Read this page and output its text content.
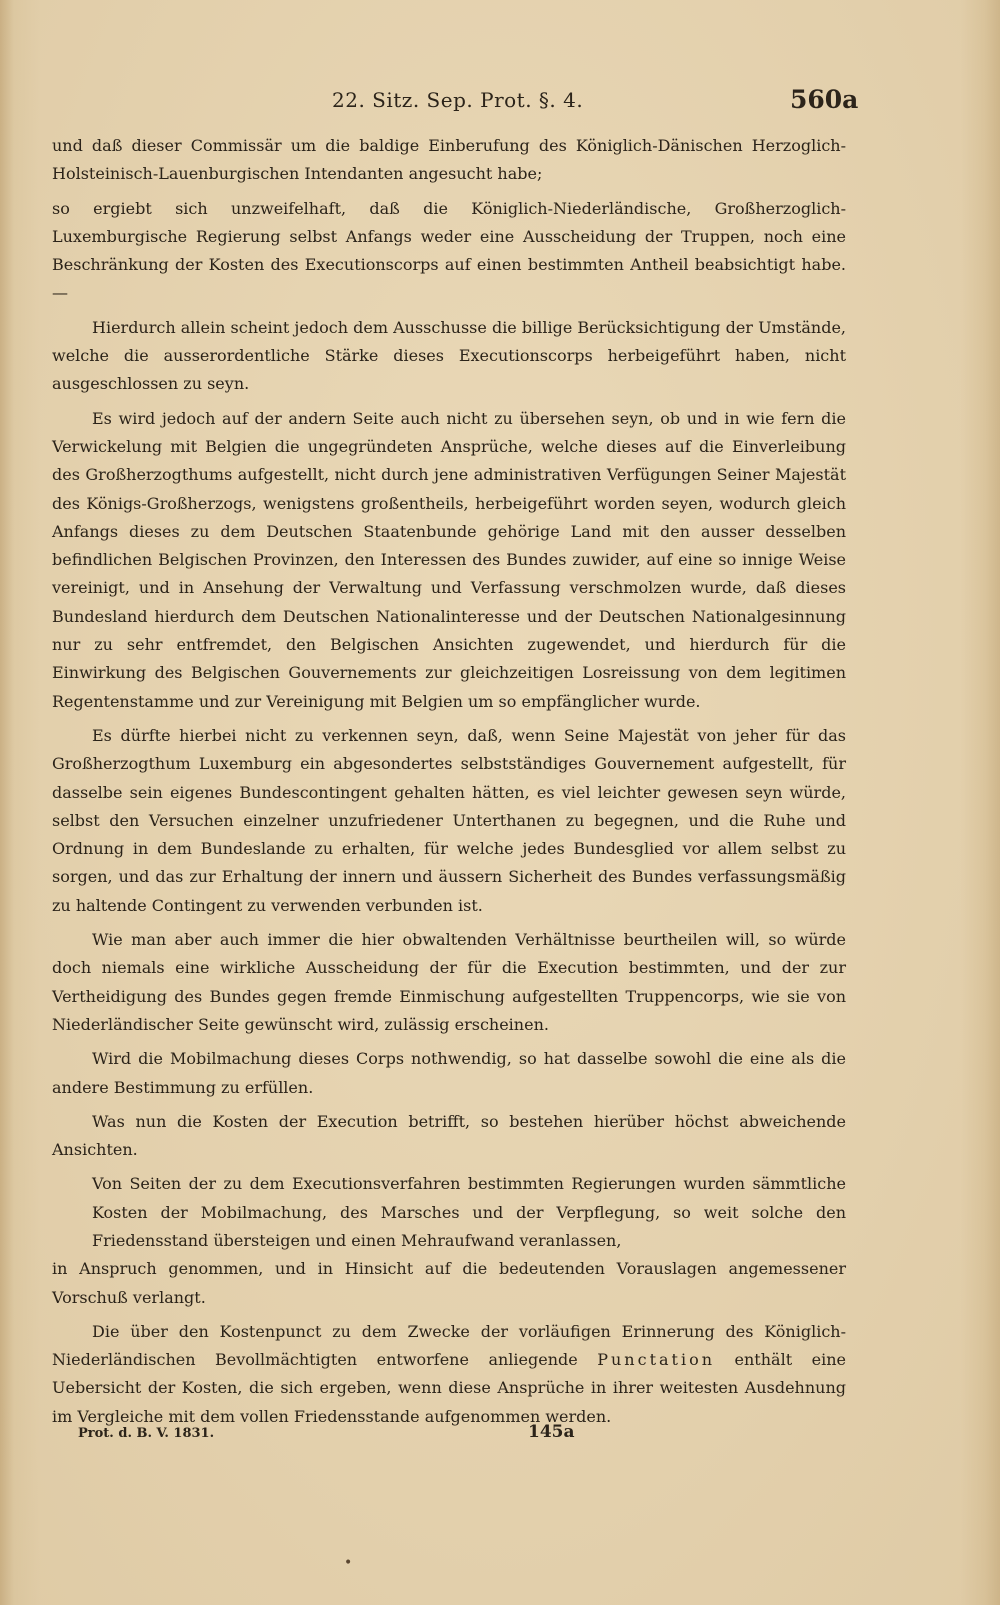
22. Sitz. Sep. Prot. §. 4.	560a

und daß dieser Commissär um die baldige Einberufung des Königlich-Dänischen Herzoglich-Holsteinisch-Lauenburgischen Intendanten angesucht habe;

so ergiebt sich unzweifelhaft, daß die Königlich-Niederländische, Großherzoglich-Luxemburgische Regierung selbst Anfangs weder eine Ausscheidung der Truppen, noch eine Beschränkung der Kosten des Executionscorps auf einen bestimmten Antheil beabsichtigt habe. —

Hierdurch allein scheint jedoch dem Ausschusse die billige Berücksichtigung der Umstände, welche die ausserordentliche Stärke dieses Executionscorps herbeigeführt haben, nicht ausgeschlossen zu seyn.

Es wird jedoch auf der andern Seite auch nicht zu übersehen seyn, ob und in wie fern die Verwickelung mit Belgien die ungegründeten Ansprüche, welche dieses auf die Einverleibung des Großherzogthums aufgestellt, nicht durch jene administrativen Verfügungen Seiner Majestät des Königs-Großherzogs, wenigstens großentheils, herbeigeführt worden seyen, wodurch gleich Anfangs dieses zu dem Deutschen Staatenbunde gehörige Land mit den ausser desselben befindlichen Belgischen Provinzen, den Interessen des Bundes zuwider, auf eine so innige Weise vereinigt, und in Ansehung der Verwaltung und Verfassung verschmolzen wurde, daß dieses Bundesland hierdurch dem Deutschen Nationalinteresse und der Deutschen Nationalgesinnung nur zu sehr entfremdet, den Belgischen Ansichten zugewendet, und hierdurch für die Einwirkung des Belgischen Gouvernements zur gleichzeitigen Losreissung von dem legitimen Regentenstamme und zur Vereinigung mit Belgien um so empfänglicher wurde.

Es dürfte hierbei nicht zu verkennen seyn, daß, wenn Seine Majestät von jeher für das Großherzogthum Luxemburg ein abgesondertes selbstständiges Gouvernement aufgestellt, für dasselbe sein eigenes Bundescontingent gehalten hätten, es viel leichter gewesen seyn würde, selbst den Versuchen einzelner unzufriedener Unterthanen zu begegnen, und die Ruhe und Ordnung in dem Bundeslande zu erhalten, für welche jedes Bundesglied vor allem selbst zu sorgen, und das zur Erhaltung der innern und äussern Sicherheit des Bundes verfassungsmäßig zu haltende Contingent zu verwenden verbunden ist.

Wie man aber auch immer die hier obwaltenden Verhältnisse beurtheilen will, so würde doch niemals eine wirkliche Ausscheidung der für die Execution bestimmten, und der zur Vertheidigung des Bundes gegen fremde Einmischung aufgestellten Truppencorps, wie sie von Niederländischer Seite gewünscht wird, zulässig erscheinen.

Wird die Mobilmachung dieses Corps nothwendig, so hat dasselbe sowohl die eine als die andere Bestimmung zu erfüllen.

Was nun die Kosten der Execution betrifft, so bestehen hierüber höchst abweichende Ansichten.

Von Seiten der zu dem Executionsverfahren bestimmten Regierungen wurden sämmtliche Kosten der Mobilmachung, des Marsches und der Verpflegung, so weit solche den Friedensstand übersteigen und einen Mehraufwand veranlassen,

in Anspruch genommen, und in Hinsicht auf die bedeutenden Vorauslagen angemessener Vorschuß verlangt.

Die über den Kostenpunct zu dem Zwecke der vorläufigen Erinnerung des Königlich-Niederländischen Bevollmächtigten entworfene anliegende Punctation enthält eine Uebersicht der Kosten, die sich ergeben, wenn diese Ansprüche in ihrer weitesten Ausdehnung im Vergleiche mit dem vollen Friedensstande aufgenommen werden.

Prot. d. B. V. 1831.	145a
•
